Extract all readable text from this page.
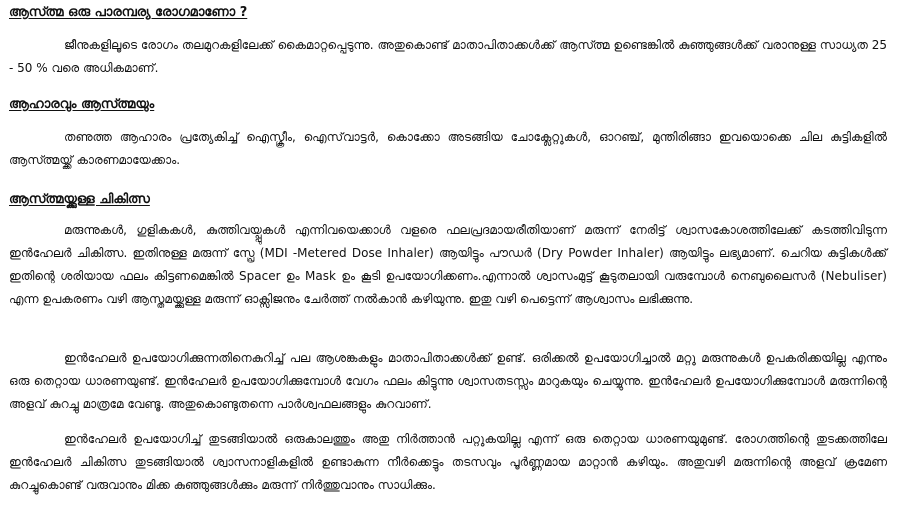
ആസ്ത്മ ഒരു പാരമ്പര്യ രോഗമാണോ ?

ജീനുകളിലൂടെ രോഗം തലമുറകളിലേക്ക് കൈമാറ്റപ്പെടുന്നു. അതുകൊണ്ട് മാതാപിതാക്കൾക്ക് ആസ്ത്മ ഉണ്ടെങ്കിൽ കുഞ്ഞുങ്ങൾക്ക് വരാനുള്ള സാധ്യത 25 - 50 % വരെ അധികമാണ്.

ആഹാരവും ആസ്ത്മയും

തണുത്ത ആഹാരം പ്രത്യേകിച്ച് ഐസ്ക്രീം, ഐസ്‌വാട്ടർ, കൊക്കോ അടങ്ങിയ ചോക്ലേറ്റുകൾ, ഓറഞ്ച്, മുന്തിരിങ്ങാ ഇവയൊക്കെ ചില കുട്ടികളിൽ ആസ്ത്മയ്ക്ക് കാരണമായേക്കാം.

ആസ്ത്മയ്ക്കുള്ള ചികിത്സ

മരുന്നുകൾ, ഗുളികകൾ, കുത്തിവയ്പ്പുകൾ എന്നിവയെക്കാൾ വളരെ ഫലപ്രദമായരീതിയാണ് മരുന്ന് നേരിട്ട് ശ്വാസകോശത്തിലേക്ക് കടത്തിവിടുന്ന ഇൻഹേലർ ചികിത്സ. ഇതിനുള്ള മരുന്ന് സ്പ്രേ (MDI -Metered Dose Inhaler) ആയിട്ടും പൗഡർ (Dry Powder Inhaler) ആയിട്ടും ലഭ്യമാണ്. ചെറിയ കുട്ടികൾക്ക് ഇതിന്റെ ശരിയായ ഫലം കിട്ടണമെങ്കിൽ Spacer ഉം Mask ഉം കൂടി ഉപയോഗിക്കണം.എന്നാൽ ശ്വാസംമുട്ട് കൂടുതലായി വരുമ്പോൾ നെബുലൈസർ (Nebuliser) എന്ന ഉപകരണം വഴി ആസ്തമയ്ക്കുള്ള മരുന്ന് ഓക്സിജനും ചേർത്ത് നൽകാൻ കഴിയുന്നു. ഇതു വഴി പെട്ടെന്ന് ആശ്വാസം ലഭിക്കുന്നു.

ഇൻഹേലർ ഉപയോഗിക്കുന്നതിനെകുറിച്ച് പല ആശങ്കകളും മാതാപിതാക്കൾക്ക് ഉണ്ട്. ഒരിക്കൽ ഉപയോഗിച്ചാൽ മറ്റു മരുന്നുകൾ ഉപകരിക്കയില്ല എന്നും ഒരു തെറ്റായ ധാരണയുണ്ട്. ഇൻഹേലർ ഉപയോഗിക്കുമ്പോൾ വേഗം ഫലം കിട്ടുന്നു ശ്വാസതടസ്സം മാറുകയും ചെയ്യുന്നു. ഇൻഹേലർ ഉപയോഗിക്കുമ്പോൾ മരുന്നിന്റെ അളവ് കുറച്ചു മാത്രമേ വേണ്ടൂ. അതുകൊണ്ടുതന്നെ പാർശ്വഫലങ്ങളും കുറവാണ്.

ഇൻഹേലർ ഉപയോഗിച്ച് തുടങ്ങിയാൽ ഒരുകാലത്തും അതു നിർത്താൻ പറ്റുകയില്ല എന്ന് ഒരു തെറ്റായ ധാരണയുമുണ്ട്. രോഗത്തിന്റെ തുടക്കത്തിലേ ഇൻഹേലർ ചികിത്സ തുടങ്ങിയാൽ ശ്വാസനാളികളിൽ ഉണ്ടാകുന്ന നീർക്കെട്ടും തടസവും പൂർണ്ണമായ മാറ്റാൻ കഴിയും. അതുവഴി മരുന്നിന്റെ അളവ് ക്രമേണ കുറച്ചുകൊണ്ട് വരുവാനും മിക്ക കുഞ്ഞുങ്ങൾക്കും മരുന്ന് നിർത്തുവാനും സാധിക്കും.
